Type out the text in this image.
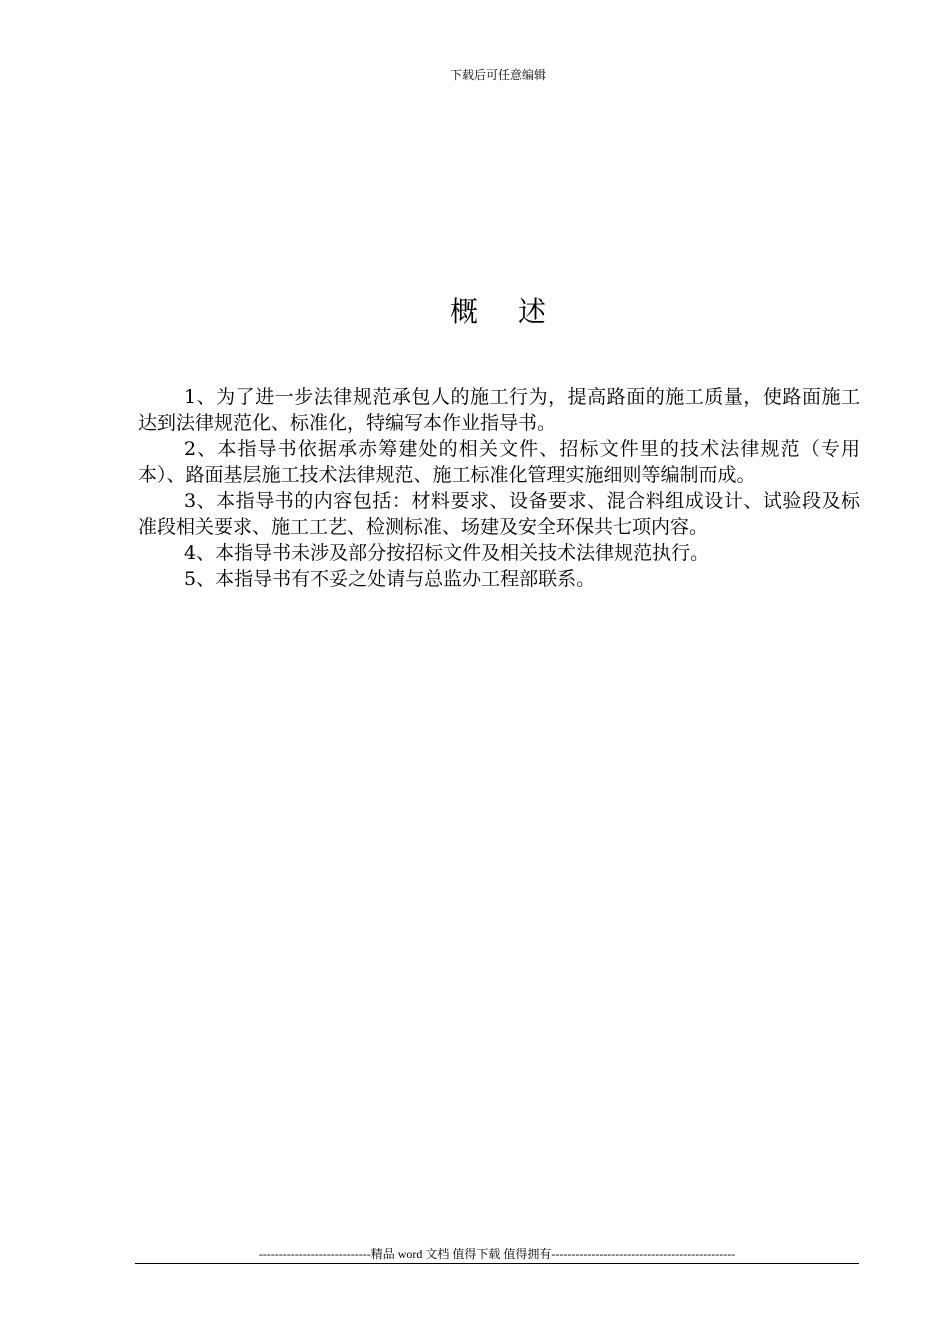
下载后可任意编辑
概述

1、为了进一步法律规范承包人的施工行为，提高路面的施工质量，使路面施工达到法律规范化、标准化，特编写本作业指导书。

2、本指导书依据承赤筹建处的相关文件、招标文件里的技术法律规范（专用本）、路面基层施工技术法律规范、施工标准化管理实施细则等编制而成。

3、本指导书的内容包括：材料要求、设备要求、混合料组成设计、试验段及标准段相关要求、施工工艺、检测标准、场建及安全环保共七项内容。

4、本指导书未涉及部分按招标文件及相关技术法律规范执行。

5、本指导书有不妥之处请与总监办工程部联系。

----------------------------精品 word 文档 值得下载 值得拥有----------------------------------------------
